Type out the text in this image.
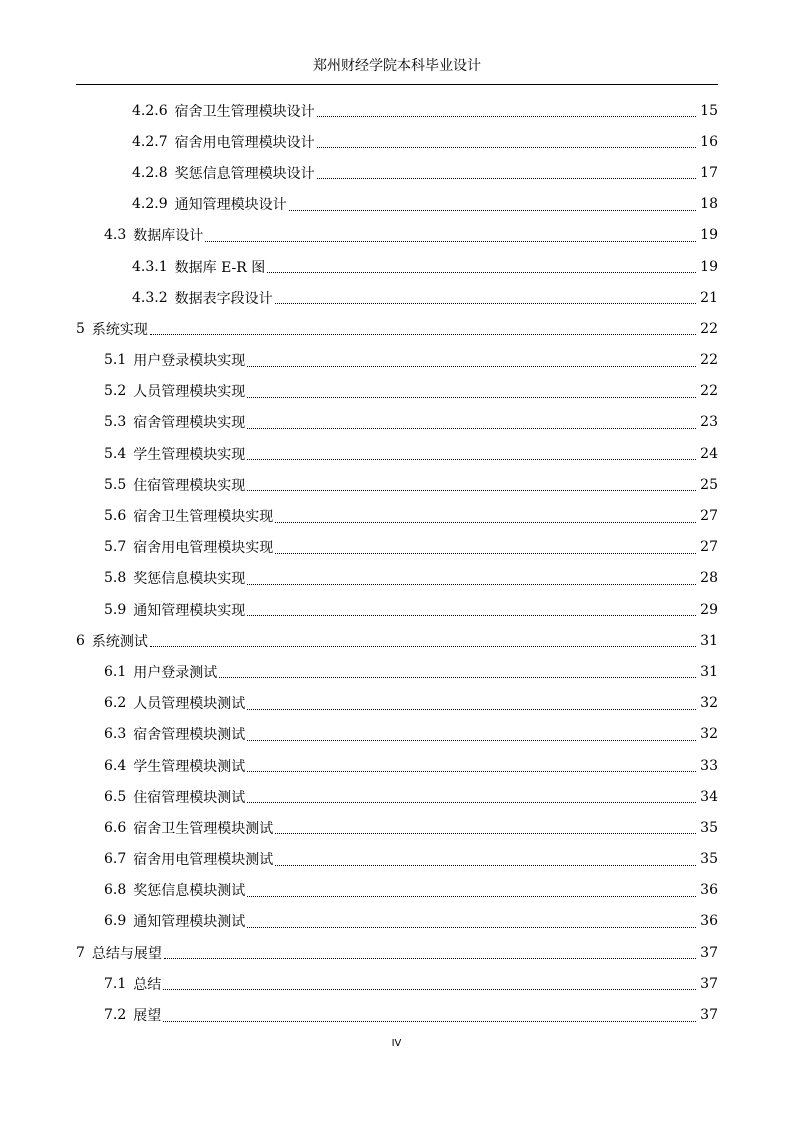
郑州财经学院本科毕业设计
4.2.6 宿舍卫生管理模块设计	15
4.2.7 宿舍用电管理模块设计	16
4.2.8 奖惩信息管理模块设计	17
4.2.9 通知管理模块设计	18
4.3 数据库设计	19
4.3.1 数据库 E-R 图	19
4.3.2 数据表字段设计	21
5 系统实现	22
5.1 用户登录模块实现	22
5.2 人员管理模块实现	22
5.3 宿舍管理模块实现	23
5.4 学生管理模块实现	24
5.5 住宿管理模块实现	25
5.6 宿舍卫生管理模块实现	27
5.7 宿舍用电管理模块实现	27
5.8 奖惩信息模块实现	28
5.9 通知管理模块实现	29
6 系统测试	31
6.1 用户登录测试	31
6.2 人员管理模块测试	32
6.3 宿舍管理模块测试	32
6.4 学生管理模块测试	33
6.5 住宿管理模块测试	34
6.6 宿舍卫生管理模块测试	35
6.7 宿舍用电管理模块测试	35
6.8 奖惩信息模块测试	36
6.9 通知管理模块测试	36
7 总结与展望	37
7.1 总结	37
7.2 展望	37
IV
